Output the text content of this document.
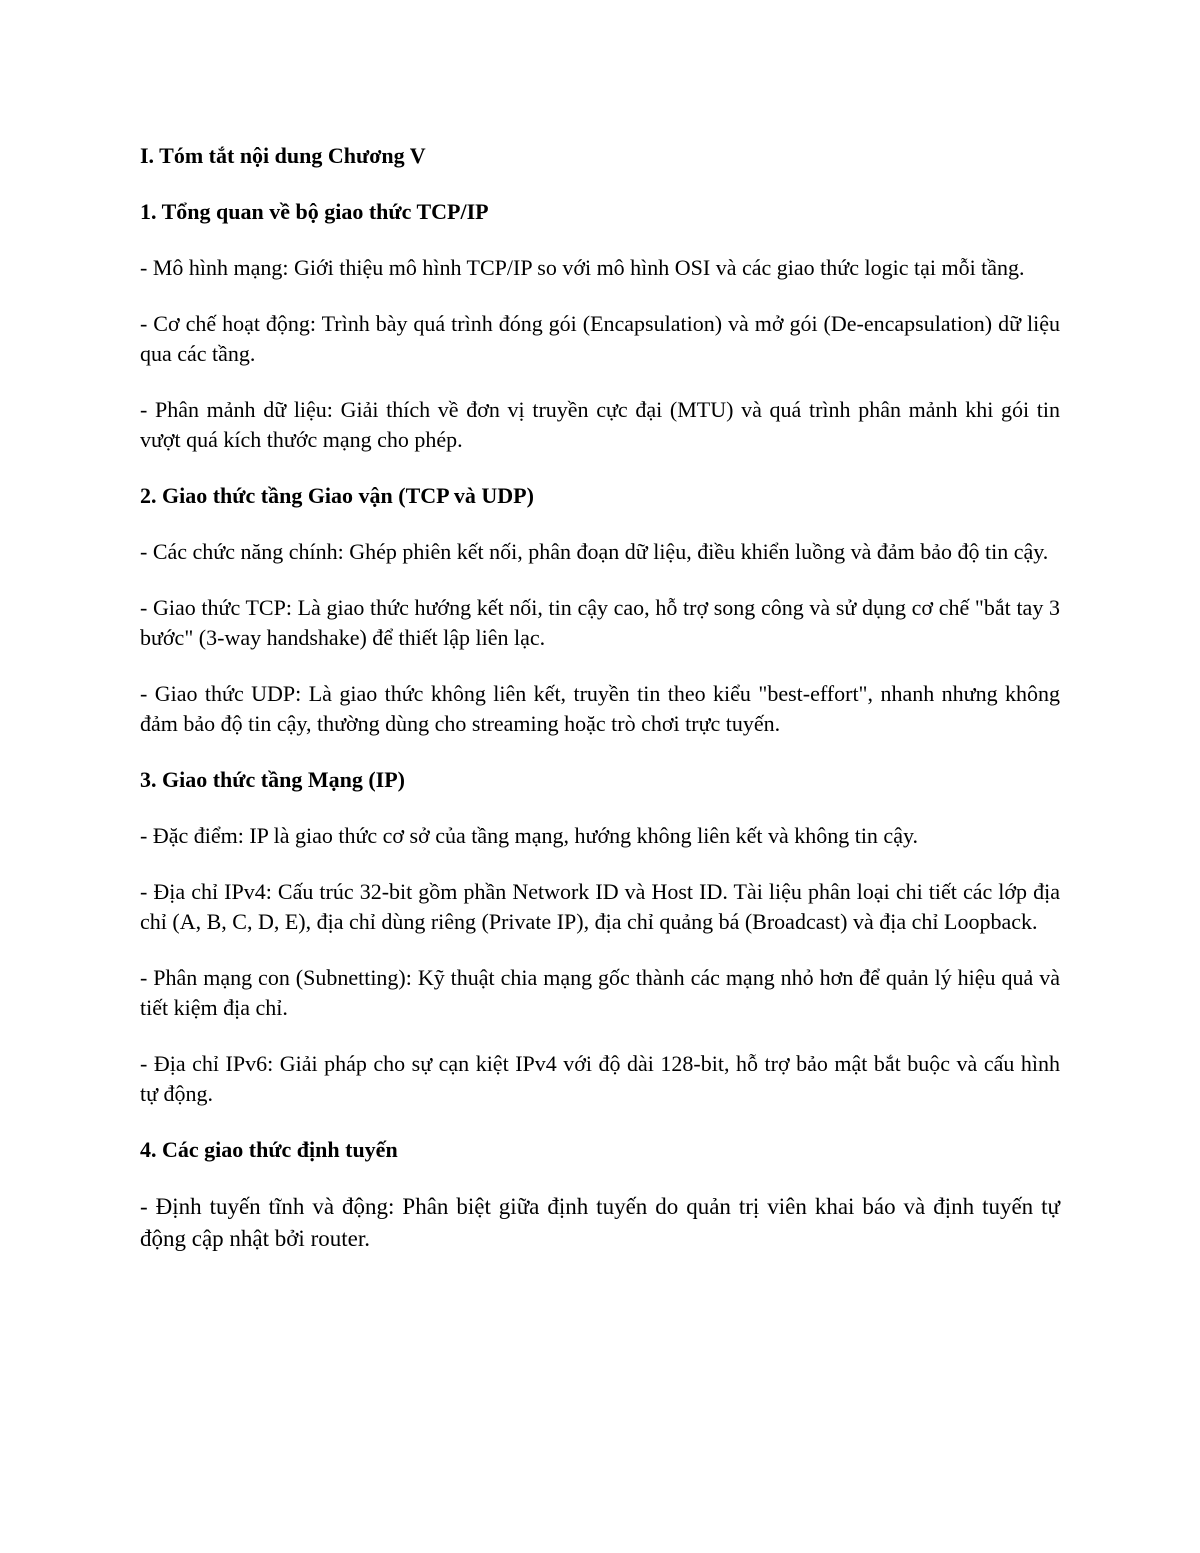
I. Tóm tắt nội dung Chương V
1. Tổng quan về bộ giao thức TCP/IP
- Mô hình mạng: Giới thiệu mô hình TCP/IP so với mô hình OSI và các giao thức logic tại mỗi tầng.
- Cơ chế hoạt động: Trình bày quá trình đóng gói (Encapsulation) và mở gói (De-encapsulation) dữ liệu qua các tầng.
- Phân mảnh dữ liệu: Giải thích về đơn vị truyền cực đại (MTU) và quá trình phân mảnh khi gói tin vượt quá kích thước mạng cho phép.
2. Giao thức tầng Giao vận (TCP và UDP)
- Các chức năng chính: Ghép phiên kết nối, phân đoạn dữ liệu, điều khiển luồng và đảm bảo độ tin cậy.
- Giao thức TCP: Là giao thức hướng kết nối, tin cậy cao, hỗ trợ song công và sử dụng cơ chế "bắt tay 3 bước" (3-way handshake) để thiết lập liên lạc.
- Giao thức UDP: Là giao thức không liên kết, truyền tin theo kiểu "best-effort", nhanh nhưng không đảm bảo độ tin cậy, thường dùng cho streaming hoặc trò chơi trực tuyến.
3. Giao thức tầng Mạng (IP)
- Đặc điểm: IP là giao thức cơ sở của tầng mạng, hướng không liên kết và không tin cậy.
- Địa chỉ IPv4: Cấu trúc 32-bit gồm phần Network ID và Host ID. Tài liệu phân loại chi tiết các lớp địa chỉ (A, B, C, D, E), địa chỉ dùng riêng (Private IP), địa chỉ quảng bá (Broadcast) và địa chỉ Loopback.
- Phân mạng con (Subnetting): Kỹ thuật chia mạng gốc thành các mạng nhỏ hơn để quản lý hiệu quả và tiết kiệm địa chỉ.
- Địa chỉ IPv6: Giải pháp cho sự cạn kiệt IPv4 với độ dài 128-bit, hỗ trợ bảo mật bắt buộc và cấu hình tự động.
4. Các giao thức định tuyến
- Định tuyến tĩnh và động: Phân biệt giữa định tuyến do quản trị viên khai báo và định tuyến tự động cập nhật bởi router.
